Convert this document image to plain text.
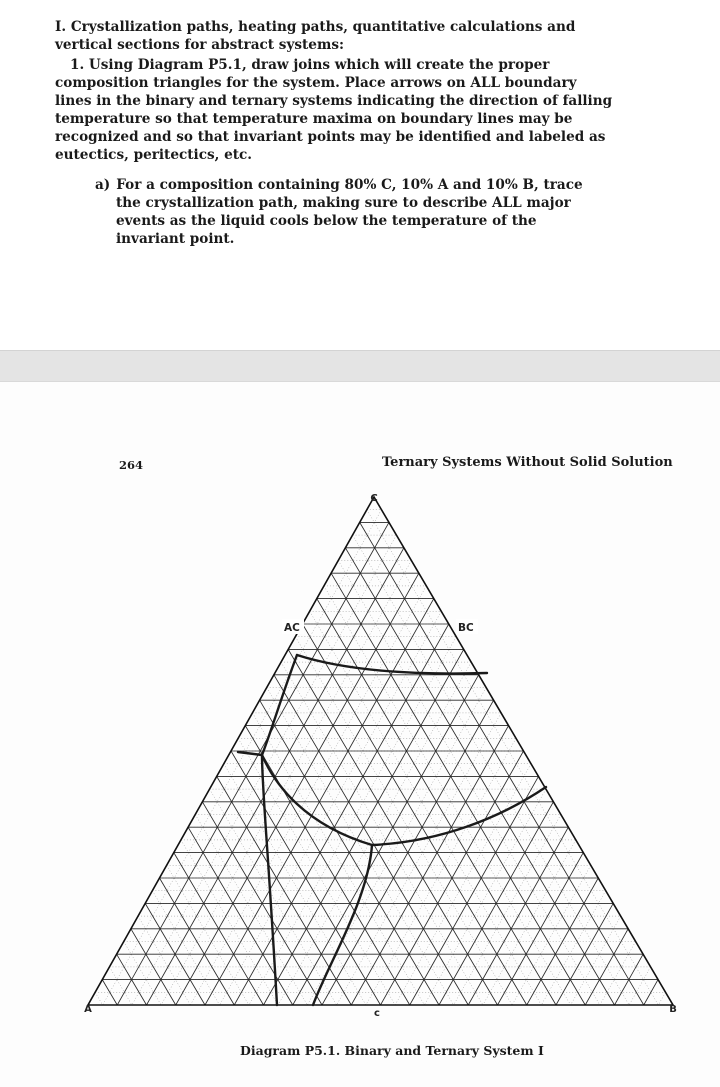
I. Crystallization paths, heating paths, quantitative calculations and vertical sections for abstract systems:

1. Using Diagram P5.1, draw joins which will create the proper composition triangles for the system. Place arrows on ALL boundary lines in the binary and ternary systems indicating the direction of falling temperature so that temperature maxima on boundary lines may be recognized and so that invariant points may be identified and labeled as eutectics, peritectics, etc.

a) For a composition containing 80% C, 10% A and 10% B, trace the crystallization path, making sure to describe ALL major events as the liquid cools below the temperature of the invariant point.
264	Ternary Systems Without Solid Solution
C
A	B
AC	BC
c
Diagram P5.1. Binary and Ternary System I
